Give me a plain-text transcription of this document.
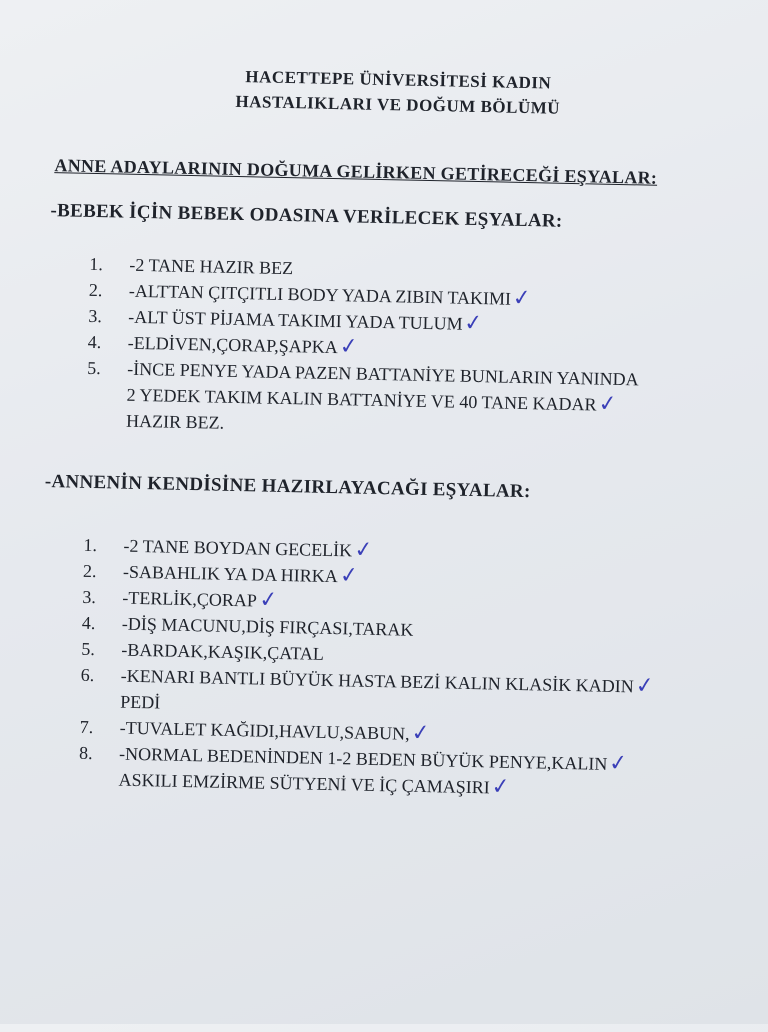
HACETTEPE ÜNİVERSİTESİ KADIN
HASTALIKLARI VE DOĞUM BÖLÜMÜ
ANNE ADAYLARININ DOĞUMA GELİRKEN GETİRECEĞİ EŞYALAR:
-BEBEK İÇİN BEBEK ODASINA VERİLECEK EŞYALAR:
1.	-2 TANE HAZIR BEZ
2.	-ALTTAN ÇITÇITLI BODY YADA ZIBIN TAKIMI✓
3.	-ALT ÜST PİJAMA TAKIMI YADA TULUM✓
4.	-ELDİVEN,ÇORAP,ŞAPKA✓
5.	-İNCE PENYE YADA PAZEN BATTANİYE BUNLARIN YANINDA
2 YEDEK TAKIM KALIN BATTANİYE VE 40 TANE KADAR✓
HAZIR BEZ.
-ANNENİN KENDİSİNE HAZIRLAYACAĞI EŞYALAR:
1.	-2 TANE BOYDAN GECELİK✓
2.	-SABAHLIK YA DA HIRKA✓
3.	-TERLİK,ÇORAP✓
4.	-DİŞ MACUNU,DİŞ FIRÇASI,TARAK
5.	-BARDAK,KAŞIK,ÇATAL
6.	-KENARI BANTLI BÜYÜK HASTA BEZİ KALIN KLASİK KADIN✓
PEDİ
7.	-TUVALET KAĞIDI,HAVLU,SABUN,✓
8.	-NORMAL BEDENİNDEN 1-2 BEDEN BÜYÜK PENYE,KALIN✓
ASKILI EMZİRME SÜTYENİ VE İÇ ÇAMAŞIRI✓
